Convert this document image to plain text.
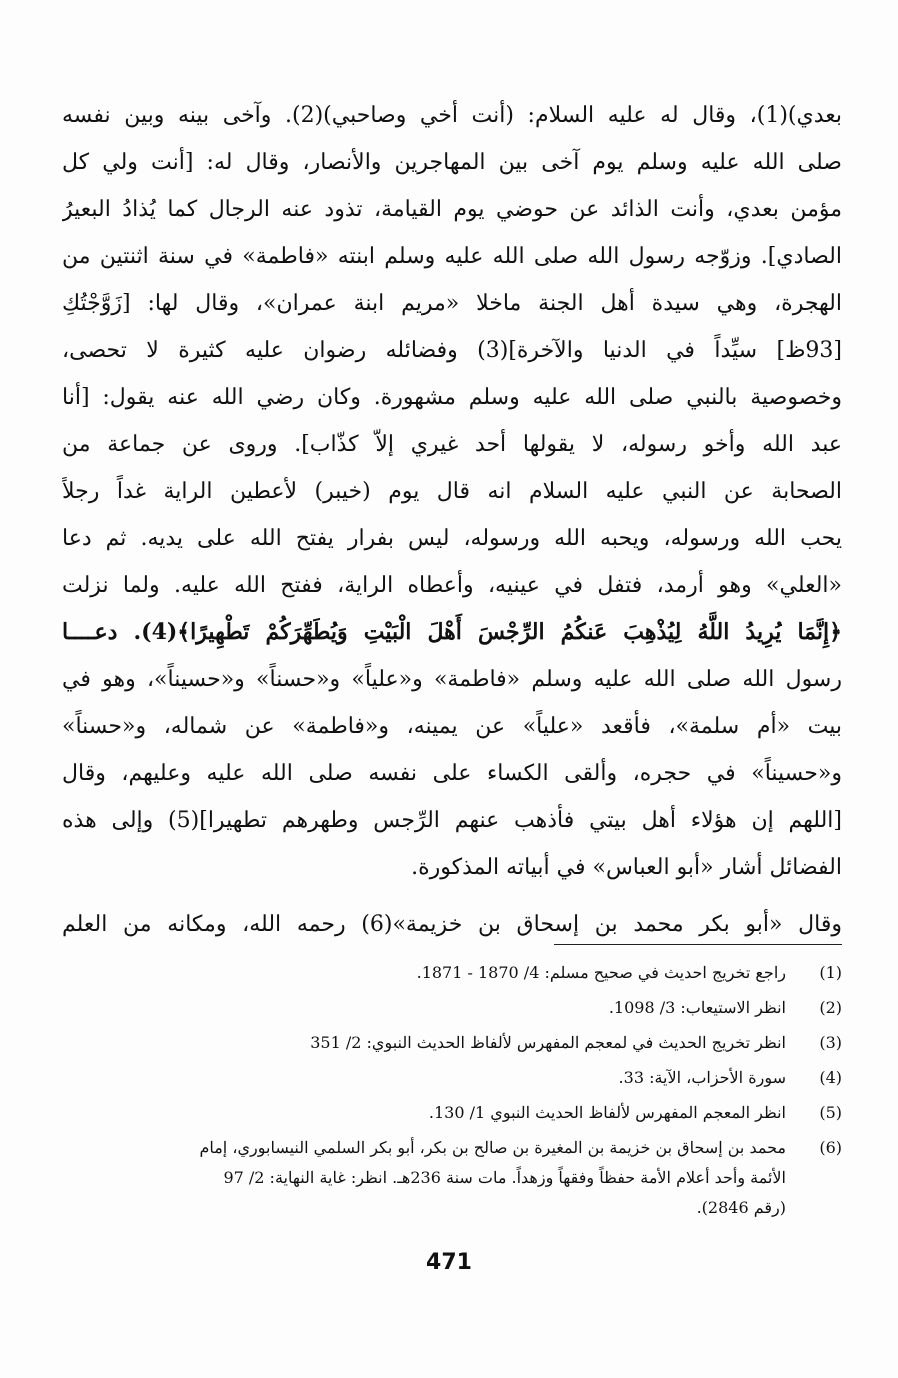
بعدي)(1)، وقال له عليه السلام: (أنت أخي وصاحبي)(2). وآخى بينه وبين نفسه
صلى الله عليه وسلم يوم آخى بين المهاجرين والأنصار، وقال له: [أنت ولي كل
مؤمن بعدي، وأنت الذائد عن حوضي يوم القيامة، تذود عنه الرجال كما يُذادُ البعيرُ
الصادي]. وزوّجه رسول الله صلى الله عليه وسلم ابنته «فاطمة» في سنة اثنتين من
الهجرة، وهي سيدة أهل الجنة ماخلا «مريم ابنة عمران»، وقال لها: [زَوَّجْتُكِ
[93ظ] سيِّداً في الدنيا والآخرة](3) وفضائله رضوان عليه كثيرة لا تحصى،
وخصوصية بالنبي صلى الله عليه وسلم مشهورة. وكان رضي الله عنه يقول: [أنا
عبد الله وأخو رسوله، لا يقولها أحد غيري إلاّ كذّاب]. وروى عن جماعة من
الصحابة عن النبي عليه السلام انه قال يوم (خيبر) لأعطين الراية غداً رجلاً
يحب الله ورسوله، ويحبه الله ورسوله، ليس بفرار يفتح الله على يديه. ثم دعا
«العلي» وهو أرمد، فتفل في عينيه، وأعطاه الراية، ففتح الله عليه. ولما نزلت
﴿إِنَّمَا يُرِيدُ اللَّهُ لِيُذْهِبَ عَنكُمُ الرِّجْسَ أَهْلَ الْبَيْتِ وَيُطَهِّرَكُمْ تَطْهِيرًا﴾(4). دعــــا
رسول الله صلى الله عليه وسلم «فاطمة» و«علياً» و«حسناً» و«حسيناً»، وهو في
بيت «أم سلمة»، فأقعد «علياً» عن يمينه، و«فاطمة» عن شماله، و«حسناً»
و«حسيناً» في حجره، وألقى الكساء على نفسه صلى الله عليه وعليهم، وقال
[اللهم إن هؤلاء أهل بيتي فأذهب عنهم الرِّجس وطهرهم تطهيرا](5) وإلى هذه
الفضائل أشار «أبو العباس» في أبياته المذكورة.
وقال «أبو بكر محمد بن إسحاق بن خزيمة»(6) رحمه الله، ومكانه من العلم
(1)
راجع تخريج احديث في صحيح مسلم: 4/ 1870 - 1871.
(2)
انظر الاستيعاب: 3/ 1098.
(3)
انظر تخريج الحديث في لمعجم المفهرس لألفاظ الحديث النبوي: 2/ 351
(4)
سورة الأحزاب، الآية: 33.
(5)
انظر المعجم المفهرس لألفاظ الحديث النبوي 1/ 130.
(6)
محمد بن إسحاق بن خزيمة بن المغيرة بن صالح بن بكر، أبو بكر السلمي النيسابوري، إمام
الأئمة وأحد أعلام الأمة حفظاً وفقهاً وزهداً. مات سنة 236هـ. انظر: غاية النهاية: 2/ 97
(رقم 2846).
471
